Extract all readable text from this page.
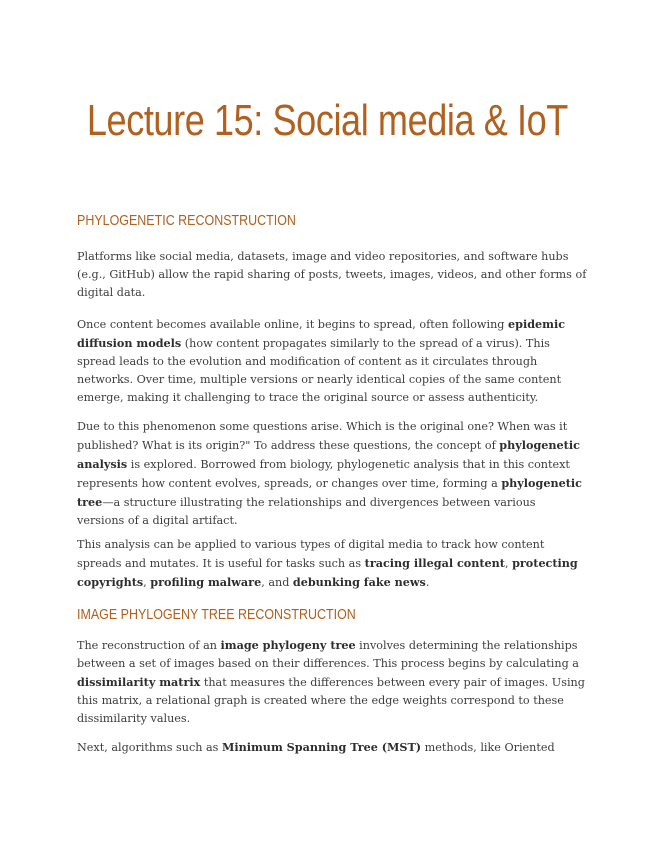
Lecture 15: Social media & IoT
PHYLOGENETIC RECONSTRUCTION
Platforms like social media, datasets, image and video repositories, and software hubs
(e.g., GitHub) allow the rapid sharing of posts, tweets, images, videos, and other forms of
digital data.
Once content becomes available online, it begins to spread, often following epidemic
diffusion models (how content propagates similarly to the spread of a virus). This
spread leads to the evolution and modification of content as it circulates through
networks. Over time, multiple versions or nearly identical copies of the same content
emerge, making it challenging to trace the original source or assess authenticity.
Due to this phenomenon some questions arise. Which is the original one? When was it
published? What is its origin?" To address these questions, the concept of phylogenetic
analysis is explored. Borrowed from biology, phylogenetic analysis that in this context
represents how content evolves, spreads, or changes over time, forming a phylogenetic
tree—a structure illustrating the relationships and divergences between various
versions of a digital artifact.
This analysis can be applied to various types of digital media to track how content
spreads and mutates. It is useful for tasks such as tracing illegal content, protecting
copyrights, profiling malware, and debunking fake news.
IMAGE PHYLOGENY TREE RECONSTRUCTION
The reconstruction of an image phylogeny tree involves determining the relationships
between a set of images based on their differences. This process begins by calculating a
dissimilarity matrix that measures the differences between every pair of images. Using
this matrix, a relational graph is created where the edge weights correspond to these
dissimilarity values.
Next, algorithms such as Minimum Spanning Tree (MST) methods, like Oriented
